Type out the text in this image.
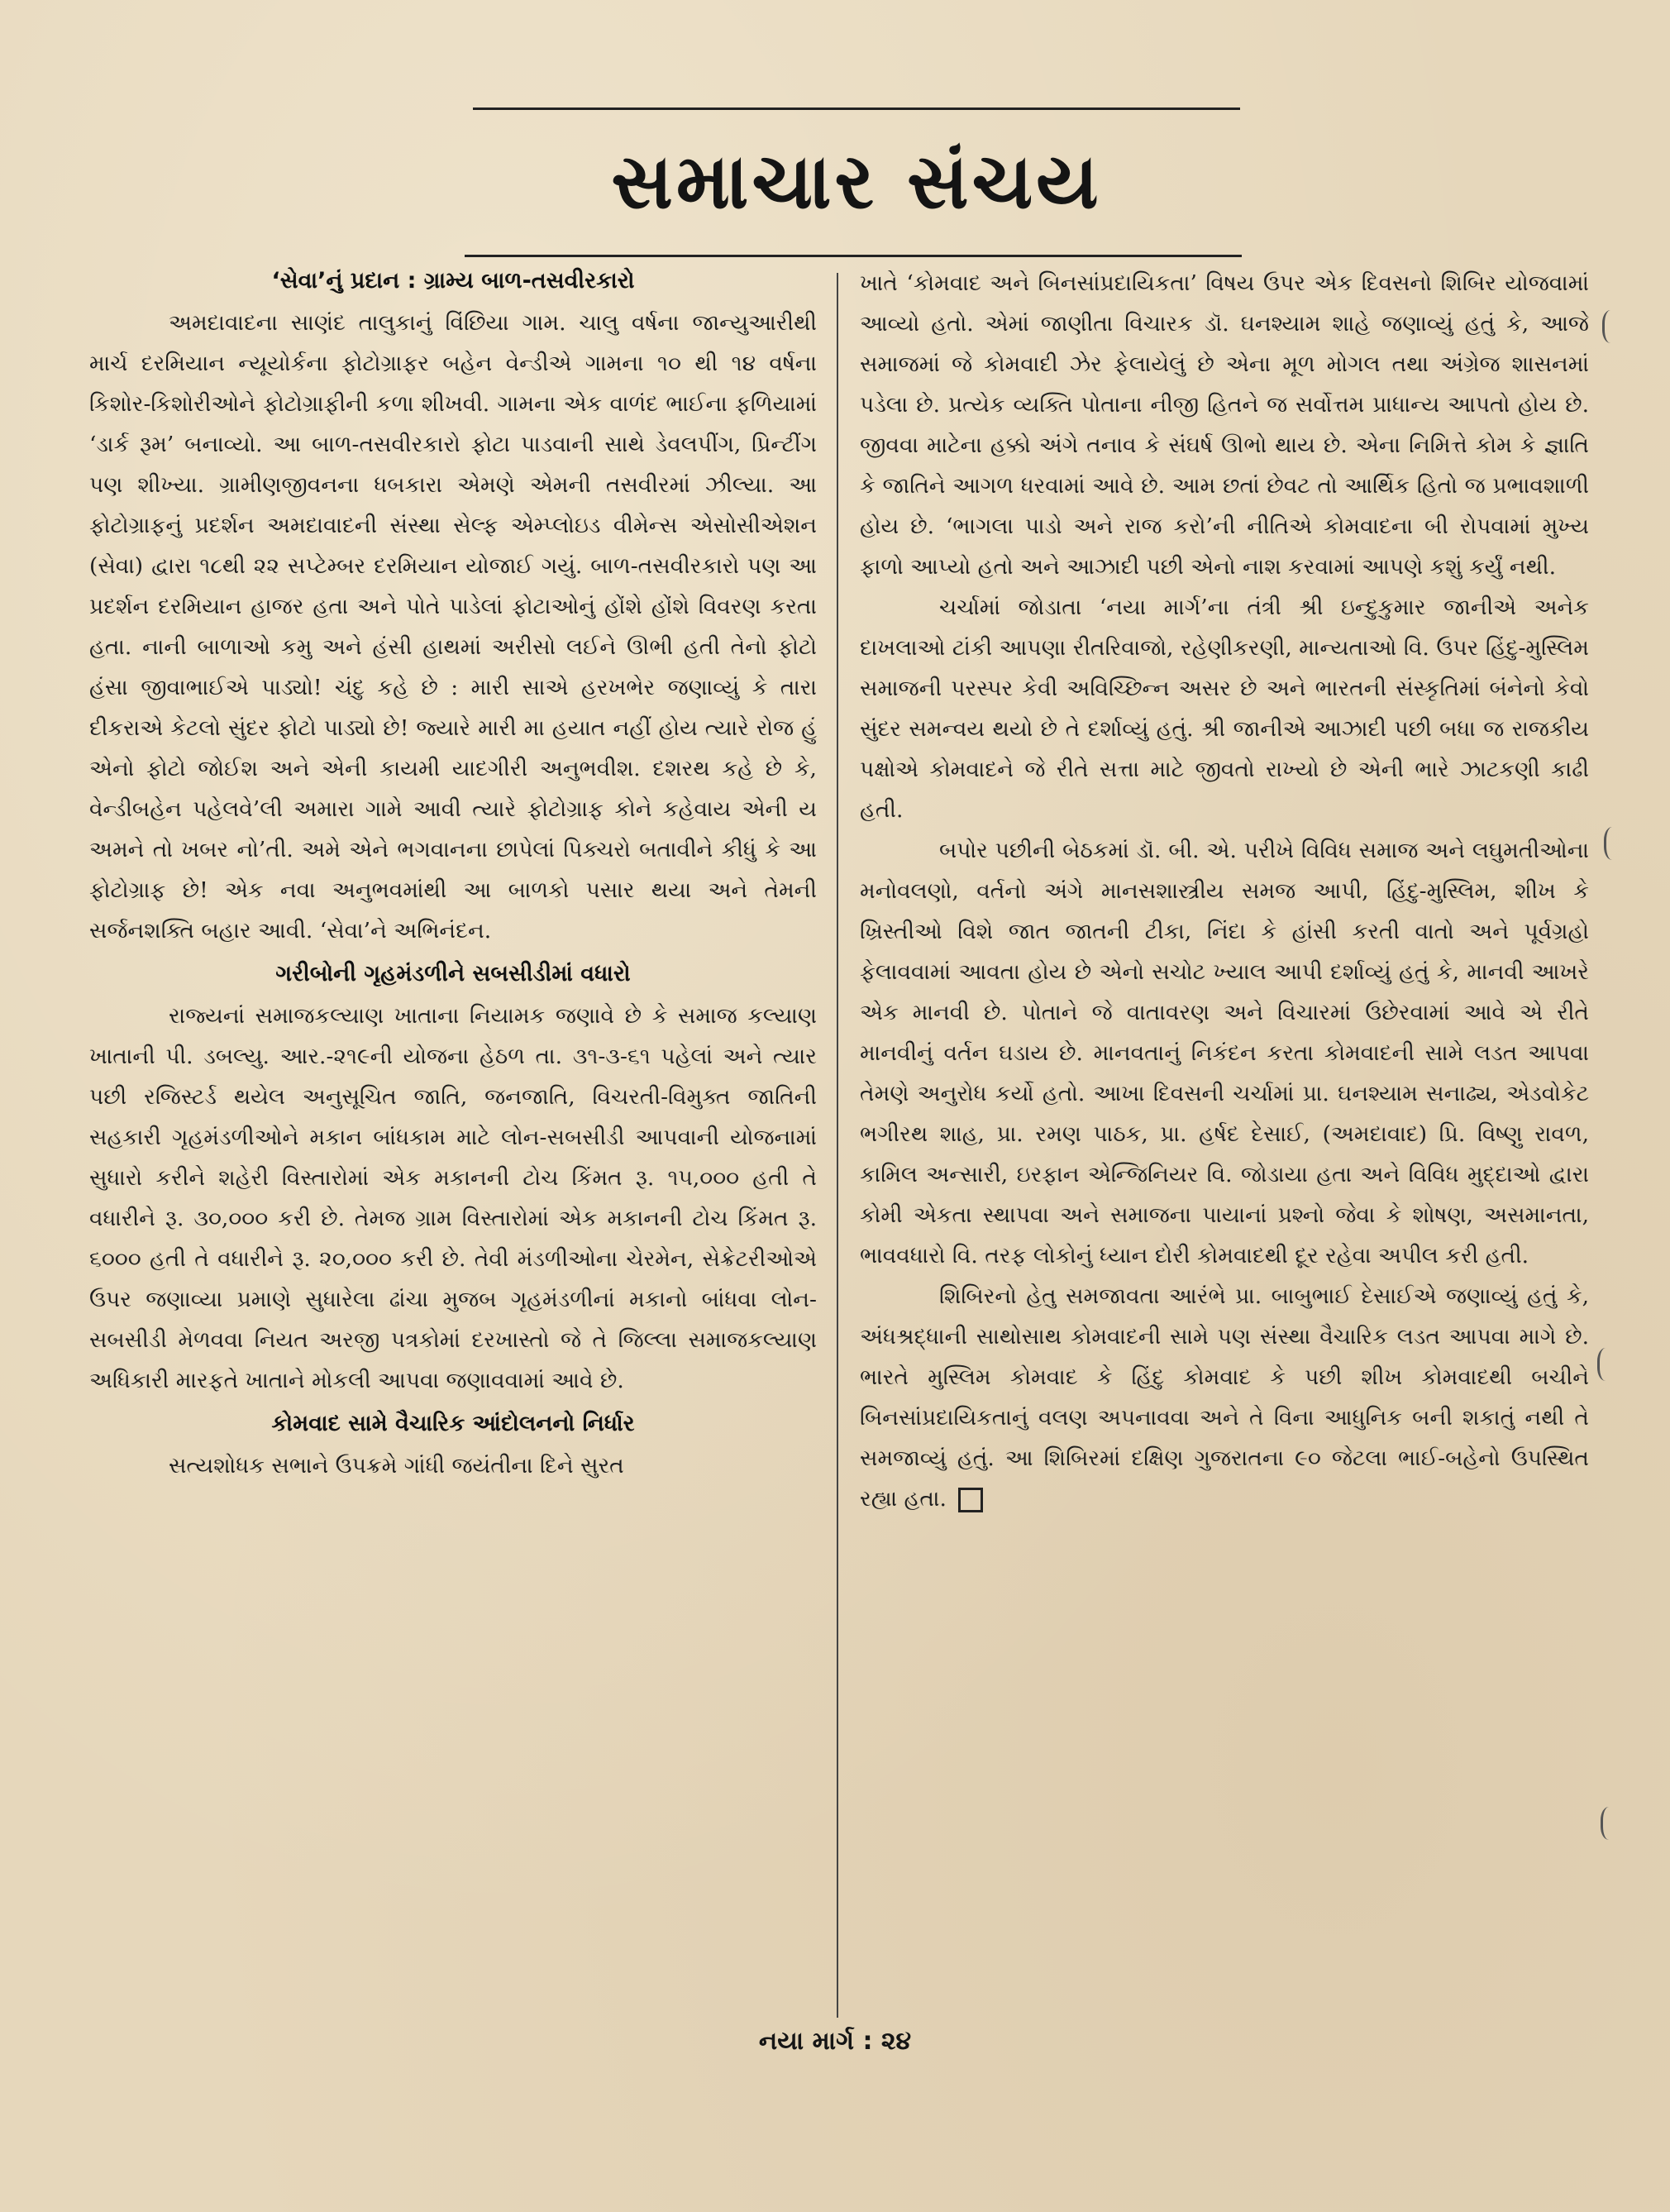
સમાચાર સંચય
‘સેવા’નું પ્રદાન : ગ્રામ્ય બાળ-તસવીરકારો

અમદાવાદના સાણંદ તાલુકાનું વિંછિયા ગામ. ચાલુ વર્ષના જાન્યુઆરીથી માર્ચ દરમિયાન ન્યૂયોર્કના ફોટોગ્રાફર બહેન વેન્ડીએ ગામના ૧૦ થી ૧૪ વર્ષના કિશોર-કિશોરીઓને ફોટોગ્રાફીની કળા શીખવી. ગામના એક વાળંદ ભાઈના ફળિયામાં ‘ડાર્ક રૂમ’ બનાવ્યો. આ બાળ-તસવીરકારો ફોટા પાડવાની સાથે ડેવલપીંગ, પ્રિન્ટીંગ પણ શીખ્યા. ગ્રામીણજીવનના ધબકારા એમણે એમની તસવીરમાં ઝીલ્યા. આ ફોટોગ્રાફનું પ્રદર્શન અમદાવાદની સંસ્થા સેલ્ફ એમ્પ્લોઇડ વીમેન્સ એસોસીએશન (સેવા) દ્વારા ૧૮થી ૨૨ સપ્ટેમ્બર દરમિયાન યોજાઈ ગયું. બાળ-તસવીરકારો પણ આ પ્રદર્શન દરમિયાન હાજર હતા અને પોતે પાડેલાં ફોટાઓનું હોંશે હોંશે વિવરણ કરતા હતા. નાની બાળાઓ કમુ અને હંસી હાથમાં અરીસો લઈને ઊભી હતી તેનો ફોટો હંસા જીવાભાઈએ પાડ્યો! ચંદુ કહે છે : મારી સાએ હરખભેર જણાવ્યું કે તારા દીકરાએ કેટલો સુંદર ફોટો પાડ્યો છે! જ્યારે મારી મા હયાત નહીં હોય ત્યારે રોજ હું એનો ફોટો જોઈશ અને એની કાયમી યાદગીરી અનુભવીશ. દશરથ કહે છે કે, વેન્ડીબહેન પહેલવે’લી અમારા ગામે આવી ત્યારે ફોટોગ્રાફ કોને કહેવાય એની ય અમને તો ખબર નો’તી. અમે એને ભગવાનના છાપેલાં પિક્ચરો બતાવીને કીધું કે આ ફોટોગ્રાફ છે! એક નવા અનુભવમાંથી આ બાળકો પસાર થયા અને તેમની સર્જનશક્તિ બહાર આવી. ‘સેવા’ને અભિનંદન.

ગરીબોની ગૃહમંડળીને સબસીડીમાં વધારો

રાજ્યનાં સમાજકલ્યાણ ખાતાના નિયામક જણાવે છે કે સમાજ કલ્યાણ ખાતાની પી. ડબલ્યુ. આર.-૨૧૯ની યોજના હેઠળ તા. ૩૧-૩-૬૧ પહેલાં અને ત્યાર પછી રજિસ્ટર્ડ થયેલ અનુસૂચિત જાતિ, જનજાતિ, વિચરતી-વિમુક્ત જાતિની સહકારી ગૃહમંડળીઓને મકાન બાંધકામ માટે લોન-સબસીડી આપવાની યોજનામાં સુધારો કરીને શહેરી વિસ્તારોમાં એક મકાનની ટોચ કિંમત રૂ. ૧૫,૦૦૦ હતી તે વધારીને રૂ. ૩૦,૦૦૦ કરી છે. તેમજ ગ્રામ વિસ્તારોમાં એક મકાનની ટોચ કિંમત રૂ. ૬૦૦૦ હતી તે વધારીને રૂ. ૨૦,૦૦૦ કરી છે. તેવી મંડળીઓના ચેરમેન, સેક્રેટરીઓએ ઉપર જણાવ્યા પ્રમાણે સુધારેલા ઢાંચા મુજબ ગૃહમંડળીનાં મકાનો બાંધવા લોન-સબસીડી મેળવવા નિયત અરજી પત્રકોમાં દરખાસ્તો જે તે જિલ્લા સમાજકલ્યાણ અધિકારી મારફતે ખાતાને મોકલી આપવા જણાવવામાં આવે છે.

કોમવાદ સામે વૈચારિક આંદોલનનો નિર્ધાર

સત્યશોધક સભાને ઉપક્રમે ગાંધી જયંતીના દિને સુરત

ખાતે ‘કોમવાદ અને બિનસાંપ્રદાયિકતા’ વિષય ઉપર એક દિવસનો શિબિર યોજવામાં આવ્યો હતો. એમાં જાણીતા વિચારક ડૉ. ઘનશ્યામ શાહે જણાવ્યું હતું કે, આજે સમાજમાં જે કોમવાદી ઝેર ફેલાયેલું છે એના મૂળ મોગલ તથા અંગ્રેજ શાસનમાં પડેલા છે. પ્રત્યેક વ્યક્તિ પોતાના નીજી હિતને જ સર્વોત્તમ પ્રાધાન્ય આપતો હોય છે. જીવવા માટેના હક્કો અંગે તનાવ કે સંઘર્ષ ઊભો થાય છે. એના નિમિત્તે કોમ કે જ્ઞાતિ કે જાતિને આગળ ધરવામાં આવે છે. આમ છતાં છેવટ તો આર્થિક હિતો જ પ્રભાવશાળી હોય છે. ‘ભાગલા પાડો અને રાજ કરો’ની નીતિએ કોમવાદના બી રોપવામાં મુખ્ય ફાળો આપ્યો હતો અને આઝાદી પછી એનો નાશ કરવામાં આપણે કશું કર્યું નથી.

ચર્ચામાં જોડાતા ‘નયા માર્ગ’ના તંત્રી શ્રી ઇન્દુકુમાર જાનીએ અનેક દાખલાઓ ટાંકી આપણા રીતરિવાજો, રહેણીકરણી, માન્યતાઓ વિ. ઉપર હિંદુ-મુસ્લિમ સમાજની પરસ્પર કેવી અવિચ્છિન્ન અસર છે અને ભારતની સંસ્કૃતિમાં બંનેનો કેવો સુંદર સમન્વય થયો છે તે દર્શાવ્યું હતું. શ્રી જાનીએ આઝાદી પછી બધા જ રાજકીય પક્ષોએ કોમવાદને જે રીતે સત્તા માટે જીવતો રાખ્યો છે એની ભારે ઝાટકણી કાઢી હતી.

બપોર પછીની બેઠકમાં ડૉ. બી. એ. પરીખે વિવિધ સમાજ અને લઘુમતીઓના મનોવલણો, વર્તનો અંગે માનસશાસ્ત્રીય સમજ આપી, હિંદુ-મુસ્લિમ, શીખ કે ખ્રિસ્તીઓ વિશે જાત જાતની ટીકા, નિંદા કે હાંસી કરતી વાતો અને પૂર્વગ્રહો ફેલાવવામાં આવતા હોય છે એનો સચોટ ખ્યાલ આપી દર્શાવ્યું હતું કે, માનવી આખરે એક માનવી છે. પોતાને જે વાતાવરણ અને વિચારમાં ઉછેરવામાં આવે એ રીતે માનવીનું વર્તન ઘડાય છે. માનવતાનું નિકંદન કરતા કોમવાદની સામે લડત આપવા તેમણે અનુરોધ કર્યો હતો. આખા દિવસની ચર્ચામાં પ્રા. ઘનશ્યામ સનાઢ્ય, એડવોકેટ ભગીરથ શાહ, પ્રા. રમણ પાઠક, પ્રા. હર્ષદ દેસાઈ, (અમદાવાદ) પ્રિ. વિષ્ણુ રાવળ, કામિલ અન્સારી, ઇરફાન એન્જિનિયર વિ. જોડાયા હતા અને વિવિધ મુદ્દાઓ દ્વારા કોમી એકતા સ્થાપવા અને સમાજના પાયાનાં પ્રશ્નો જેવા કે શોષણ, અસમાનતા, ભાવવધારો વિ. તરફ લોકોનું ધ્યાન દોરી કોમવાદથી દૂર રહેવા અપીલ કરી હતી.

શિબિરનો હેતુ સમજાવતા આરંભે પ્રા. બાબુભાઈ દેસાઈએ જણાવ્યું હતું કે, અંધશ્રદ્ધાની સાથોસાથ કોમવાદની સામે પણ સંસ્થા વૈચારિક લડત આપવા માગે છે. ભારતે મુસ્લિમ કોમવાદ કે હિંદુ કોમવાદ કે પછી શીખ કોમવાદથી બચીને બિનસાંપ્રદાયિકતાનું વલણ અપનાવવા અને તે વિના આધુનિક બની શકાતું નથી તે સમજાવ્યું હતું. આ શિબિરમાં દક્ષિણ ગુજરાતના ૯૦ જેટલા ભાઈ-બહેનો ઉપસ્થિત રહ્યા હતા.

નયા માર્ગ : ૨૪
